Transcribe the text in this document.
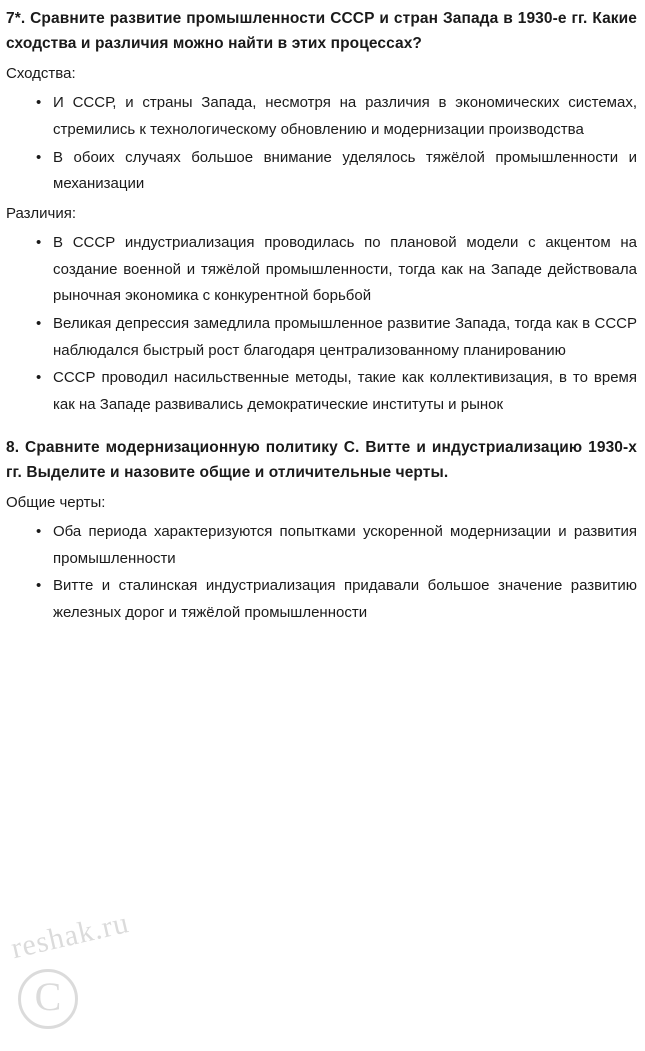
7*. Сравните развитие промышленности СССР и стран Запада в 1930-е гг. Какие сходства и различия можно найти в этих процессах?

Сходства:

• И СССР, и страны Запада, несмотря на различия в экономических системах, стремились к технологическому обновлению и модернизации производства
• В обоих случаях большое внимание уделялось тяжёлой промышленности и механизации

Различия:

• В СССР индустриализация проводилась по плановой модели с акцентом на создание военной и тяжёлой промышленности, тогда как на Западе действовала рыночная экономика с конкурентной борьбой
• Великая депрессия замедлила промышленное развитие Запада, тогда как в СССР наблюдался быстрый рост благодаря централизованному планированию
• СССР проводил насильственные методы, такие как коллективизация, в то время как на Западе развивались демократические институты и рынок

8. Сравните модернизационную политику С. Витте и индустриализацию 1930-х гг. Выделите и назовите общие и отличительные черты.

Общие черты:

• Оба периода характеризуются попытками ускоренной модернизации и развития промышленности
• Витте и сталинская индустриализация придавали большое значение развитию железных дорог и тяжёлой промышленности
reshak.ru
C
